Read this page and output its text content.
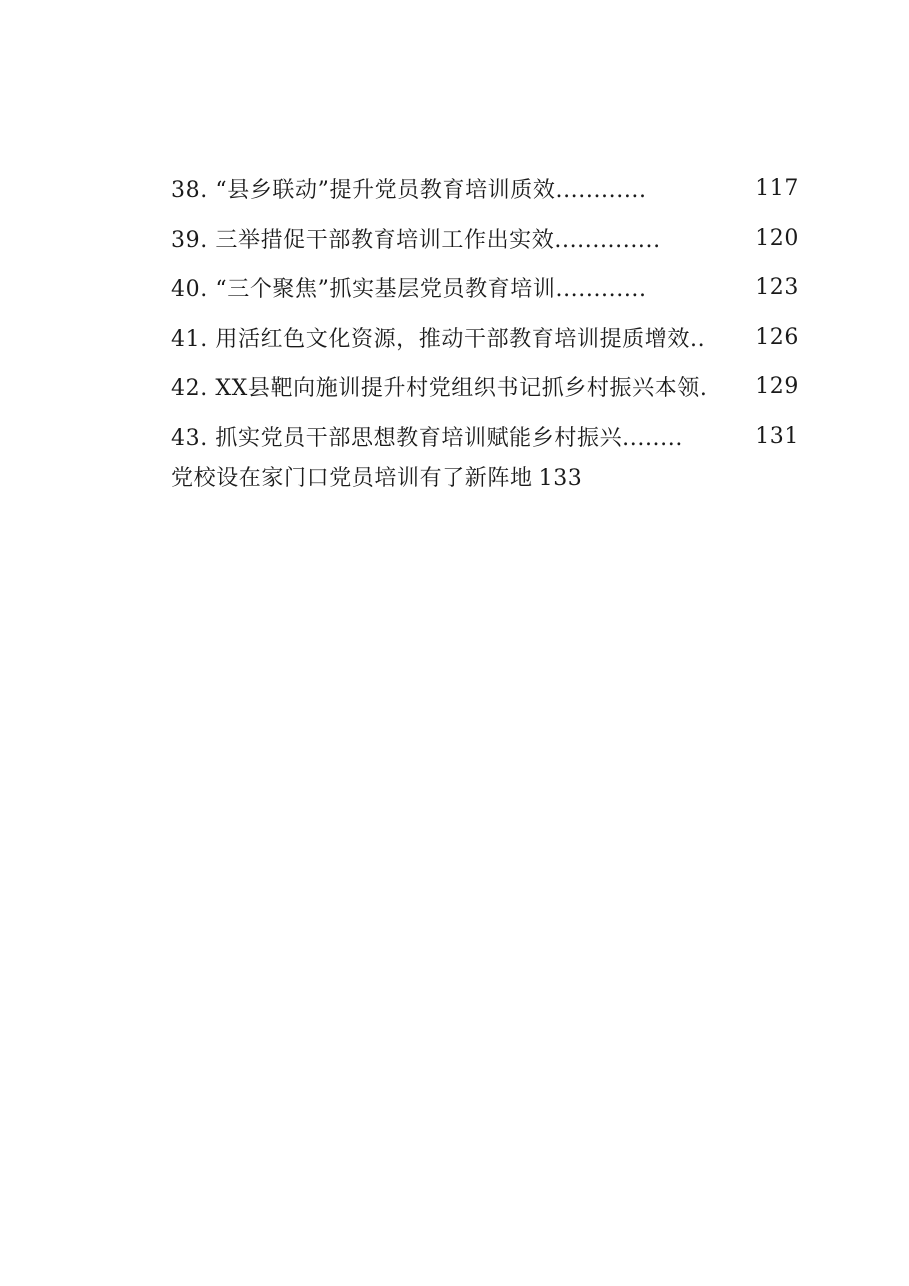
38. “县乡联动”提升党员教育培训质效............	117
39. 三举措促干部教育培训工作出实效..............	120
40. “三个聚焦”抓实基层党员教育培训............	123
41. 用活红色文化资源，推动干部教育培训提质增效.. 126
42. XX县靶向施训提升村党组织书记抓乡村振兴本领. 129
43. 抓实党员干部思想教育培训赋能乡村振兴........	131
党校设在家门口党员培训有了新阵地 133
